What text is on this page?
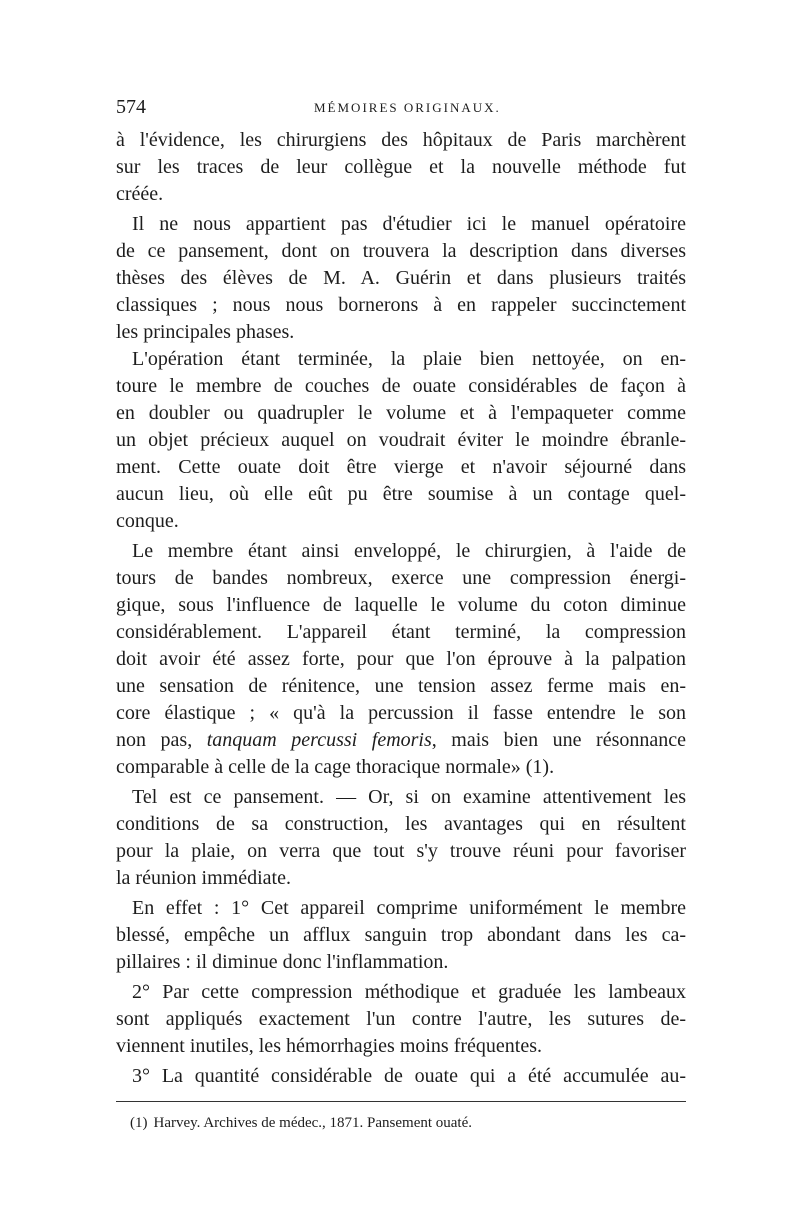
574	MÉMOIRES ORIGINAUX.
à l'évidence, les chirurgiens des hôpitaux de Paris marchèrent
sur les traces de leur collègue et la nouvelle méthode fut
créée.
Il ne nous appartient pas d'étudier ici le manuel opératoire
de ce pansement, dont on trouvera la description dans diverses
thèses des élèves de M. A. Guérin et dans plusieurs traités
classiques ; nous nous bornerons à en rappeler succinctement
les principales phases.
L'opération étant terminée, la plaie bien nettoyée, on en-
toure le membre de couches de ouate considérables de façon à
en doubler ou quadrupler le volume et à l'empaqueter comme
un objet précieux auquel on voudrait éviter le moindre ébranle-
ment. Cette ouate doit être vierge et n'avoir séjourné dans
aucun lieu, où elle eût pu être soumise à un contage quel-
conque.
Le membre étant ainsi enveloppé, le chirurgien, à l'aide de
tours de bandes nombreux, exerce une compression énergi-
gique, sous l'influence de laquelle le volume du coton diminue
considérablement. L'appareil étant terminé, la compression
doit avoir été assez forte, pour que l'on éprouve à la palpation
une sensation de rénitence, une tension assez ferme mais en-
core élastique ; « qu'à la percussion il fasse entendre le son
non pas, tanquam percussi femoris, mais bien une résonnance
comparable à celle de la cage thoracique normale» (1).
Tel est ce pansement. — Or, si on examine attentivement les
conditions de sa construction, les avantages qui en résultent
pour la plaie, on verra que tout s'y trouve réuni pour favoriser
la réunion immédiate.
En effet : 1° Cet appareil comprime uniformément le membre
blessé, empêche un afflux sanguin trop abondant dans les ca-
pillaires : il diminue donc l'inflammation.
2° Par cette compression méthodique et graduée les lambeaux
sont appliqués exactement l'un contre l'autre, les sutures de-
viennent inutiles, les hémorrhagies moins fréquentes.
3° La quantité considérable de ouate qui a été accumulée au-
(1) Harvey. Archives de médec., 1871. Pansement ouaté.
